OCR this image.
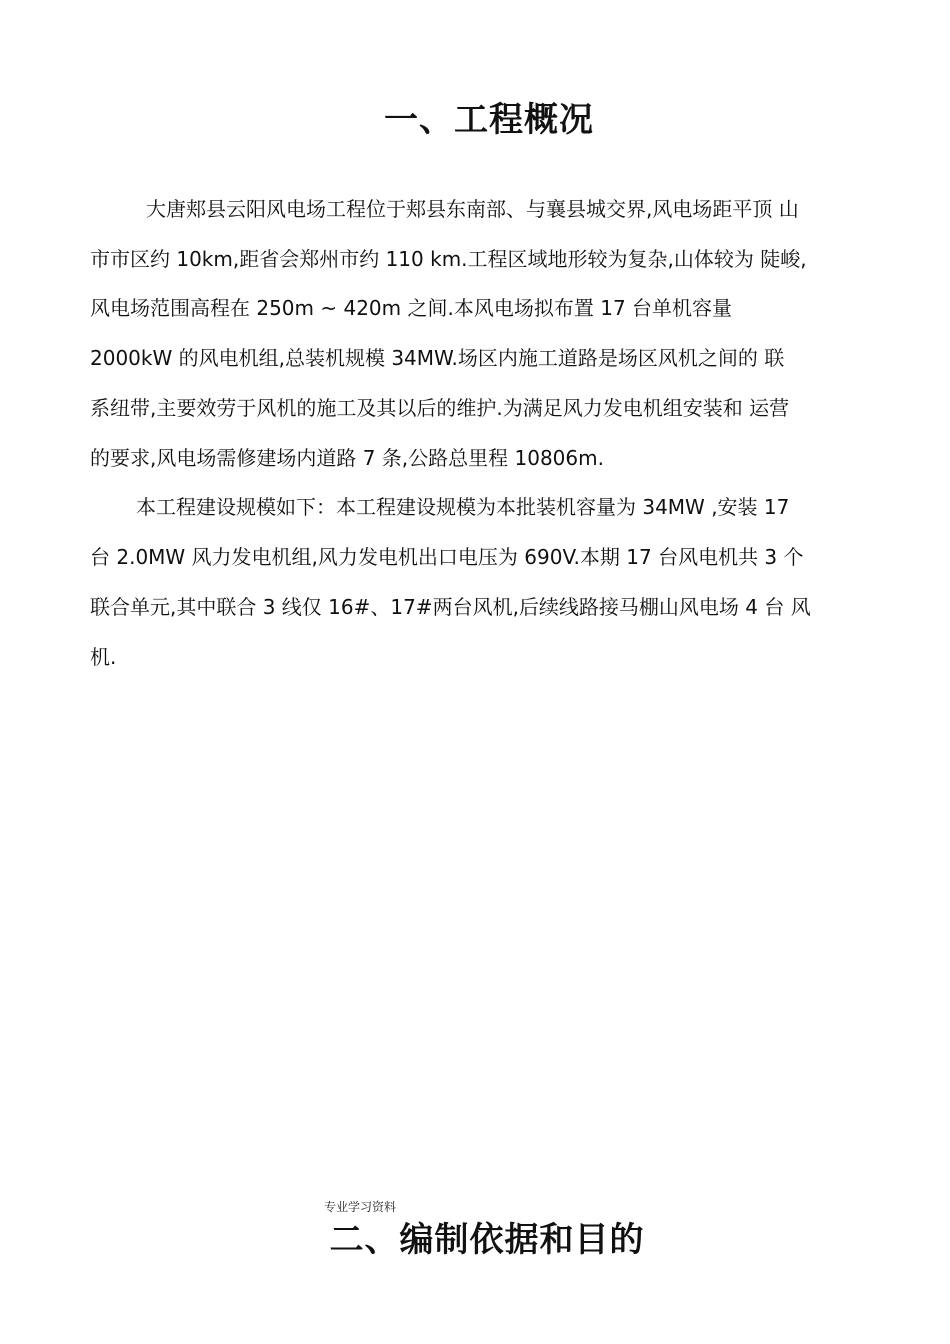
一、工程概况
大唐郏县云阳风电场工程位于郏县东南部、与襄县城交界,风电场距平顶 山
市市区约 10km,距省会郑州市约 110 km.工程区域地形较为复杂,山体较为 陡峻,
风电场范围高程在 250m ~ 420m 之间.本风电场拟布置 17 台单机容量
2000kW 的风电机组,总装机规模 34MW.场区内施工道路是场区风机之间的 联
系纽带,主要效劳于风机的施工及其以后的维护.为满足风力发电机组安装和 运营
的要求,风电场需修建场内道路 7 条,公路总里程 10806m.
本工程建设规模如下：本工程建设规模为本批装机容量为 34MW ,安装 17
台 2.0MW 风力发电机组,风力发电机出口电压为 690V.本期 17 台风电机共 3 个
联合单元,其中联合 3 线仅 16#、17#两台风机,后续线路接马棚山风电场 4 台 风
机.
专业学习资料
二、编制依据和目的
